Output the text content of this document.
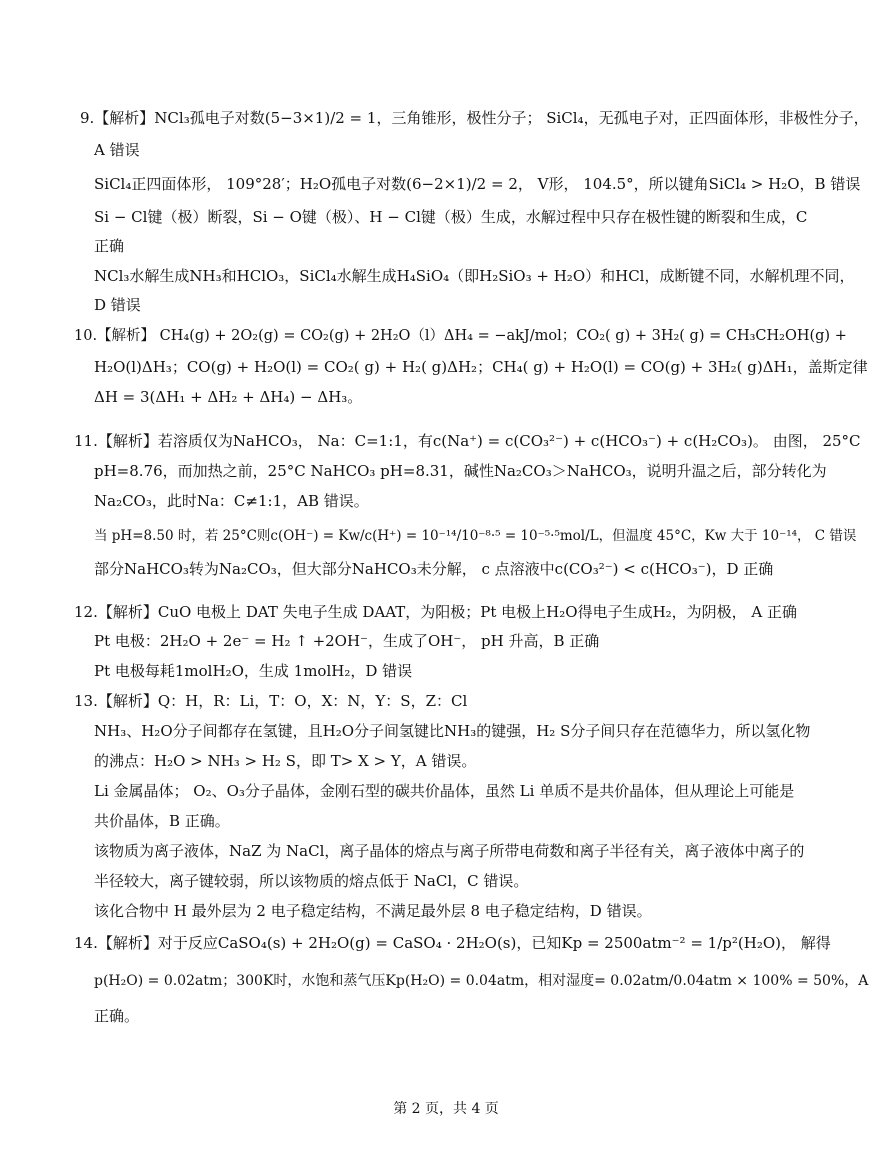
9.【解析】NCl₃孤电子对数(5−3×1)/2 = 1，三角锥形，极性分子； SiCl₄，无孤电子对，正四面体形，非极性分子，
A 错误
SiCl₄正四面体形， 109°28′；H₂O孤电子对数(6−2×1)/2 = 2， V形， 104.5°，所以键角SiCl₄ > H₂O，B 错误
Si − Cl键（极）断裂，Si − O键（极）、H − Cl键（极）生成，水解过程中只存在极性键的断裂和生成，C
正确
NCl₃水解生成NH₃和HClO₃，SiCl₄水解生成H₄SiO₄（即H₂SiO₃ + H₂O）和HCl，成断键不同，水解机理不同，
D 错误
10.【解析】 CH₄(g) + 2O₂(g) = CO₂(g) + 2H₂O（l）ΔH₄ = −akJ/mol；CO₂( g) + 3H₂( g) = CH₃CH₂OH(g) +
H₂O(l)ΔH₃；CO(g) + H₂O(l) = CO₂( g) + H₂( g)ΔH₂；CH₄( g) + H₂O(l) = CO(g) + 3H₂( g)ΔH₁，盖斯定律
ΔH = 3(ΔH₁ + ΔH₂ + ΔH₄) − ΔH₃。
11.【解析】若溶质仅为NaHCO₃， Na：C=1:1，有c(Na⁺) = c(CO₃²⁻) + c(HCO₃⁻) + c(H₂CO₃)。 由图， 25°C
pH=8.76，而加热之前，25°C NaHCO₃ pH=8.31，碱性Na₂CO₃＞NaHCO₃，说明升温之后，部分转化为
Na₂CO₃，此时Na：C≠1:1，AB 错误。
当 pH=8.50 时，若 25°C则c(OH⁻) = Kw/c(H⁺) = 10⁻¹⁴/10⁻⁸·⁵ = 10⁻⁵·⁵mol/L，但温度 45°C，Kw 大于 10⁻¹⁴， C 错误
部分NaHCO₃转为Na₂CO₃，但大部分NaHCO₃未分解， c 点溶液中c(CO₃²⁻) < c(HCO₃⁻)，D 正确
12.【解析】CuO 电极上 DAT 失电子生成 DAAT，为阳极；Pt 电极上H₂O得电子生成H₂，为阴极， A 正确
Pt 电极：2H₂O + 2e⁻ = H₂ ↑ +2OH⁻，生成了OH⁻， pH 升高，B 正确
Pt 电极每耗1molH₂O，生成 1molH₂，D 错误
13.【解析】Q：H，R：Li，T：O，X：N，Y：S，Z：Cl
NH₃、H₂O分子间都存在氢键，且H₂O分子间氢键比NH₃的键强，H₂ S分子间只存在范德华力，所以氢化物
的沸点：H₂O > NH₃ > H₂ S，即 T> X > Y，A 错误。
Li 金属晶体； O₂、O₃分子晶体，金刚石型的碳共价晶体，虽然 Li 单质不是共价晶体，但从理论上可能是
共价晶体，B 正确。
该物质为离子液体，NaZ 为 NaCl，离子晶体的熔点与离子所带电荷数和离子半径有关，离子液体中离子的
半径较大，离子键较弱，所以该物质的熔点低于 NaCl，C 错误。
该化合物中 H 最外层为 2 电子稳定结构，不满足最外层 8 电子稳定结构，D 错误。
14.【解析】对于反应CaSO₄(s) + 2H₂O(g) = CaSO₄ · 2H₂O(s)，已知Kp = 2500atm⁻² = 1/p²(H₂O)， 解得
p(H₂O) = 0.02atm；300K时，水饱和蒸气压Kp(H₂O) = 0.04atm，相对湿度= 0.02atm/0.04atm × 100% = 50%，A
正确。
第 2 页，共 4 页
